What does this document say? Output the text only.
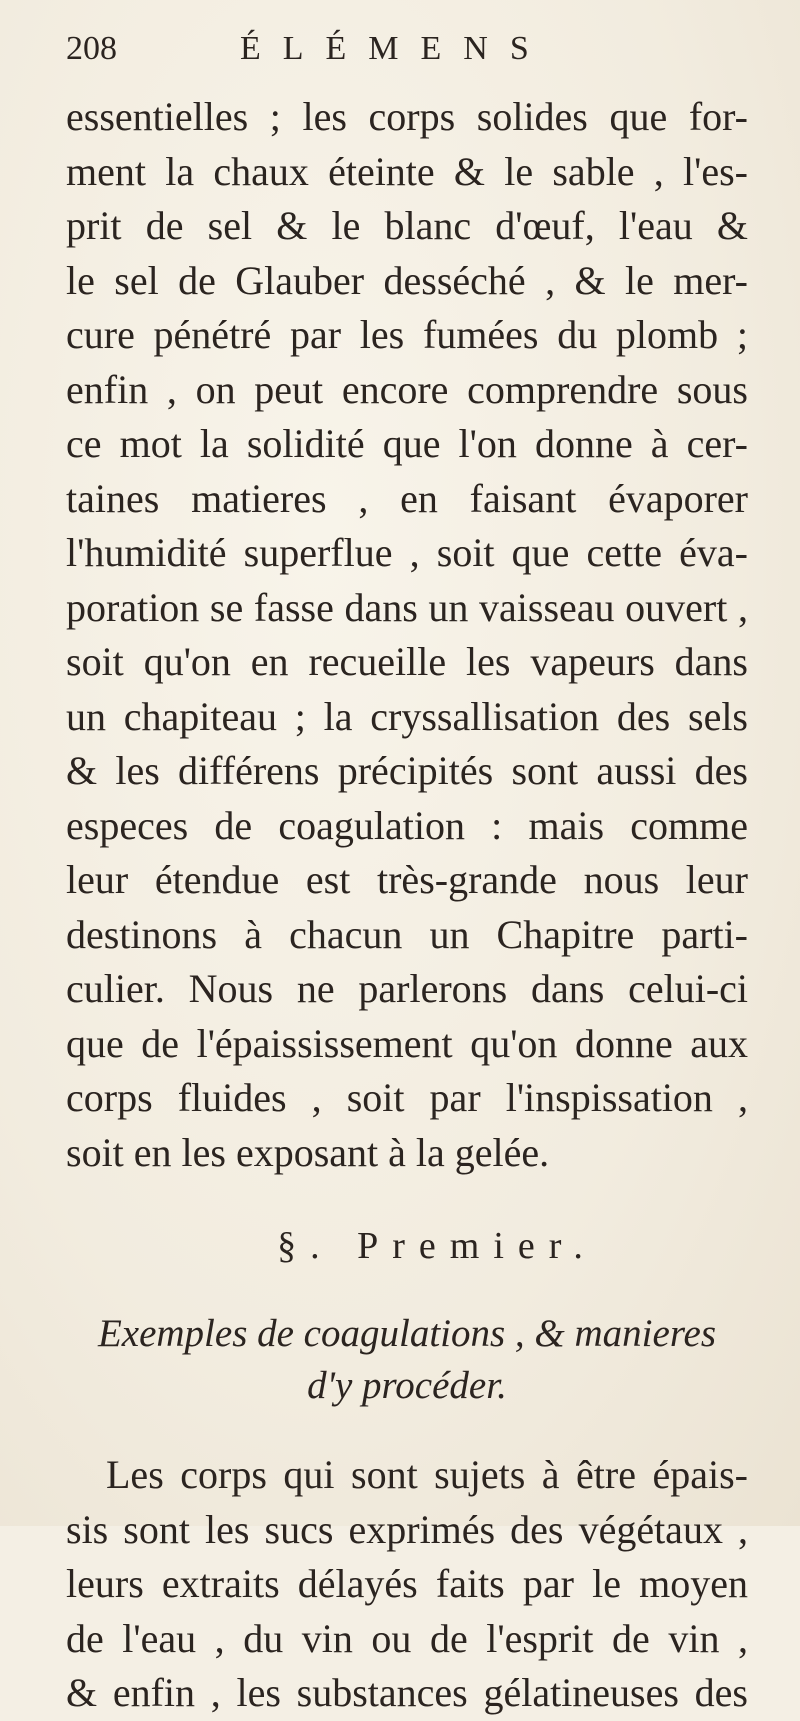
208	ÉLÉMENS
essentielles ; les corps solides que for-
ment la chaux éteinte & le sable , l'es-
prit de sel & le blanc d'œuf, l'eau &
le sel de Glauber desséché , & le mer-
cure pénétré par les fumées du plomb ;
enfin , on peut encore comprendre sous
ce mot la solidité que l'on donne à cer-
taines matieres , en faisant évaporer
l'humidité superflue , soit que cette éva-
poration se fasse dans un vaisseau ouvert ,
soit qu'on en recueille les vapeurs dans
un chapiteau ; la cryssallisation des sels
& les différens précipités sont aussi des
especes de coagulation : mais comme
leur étendue est très-grande nous leur
destinons à chacun un Chapitre parti-
culier. Nous ne parlerons dans celui-ci
que de l'épaississement qu'on donne aux
corps fluides , soit par l'inspissation ,
soit en les exposant à la gelée.
§. Premier.
Exemples de coagulations , & manieres
d'y procéder.
Les corps qui sont sujets à être épais-
sis sont les sucs exprimés des végétaux ,
leurs extraits délayés faits par le moyen
de l'eau , du vin ou de l'esprit de vin ,
& enfin , les substances gélatineuses des
